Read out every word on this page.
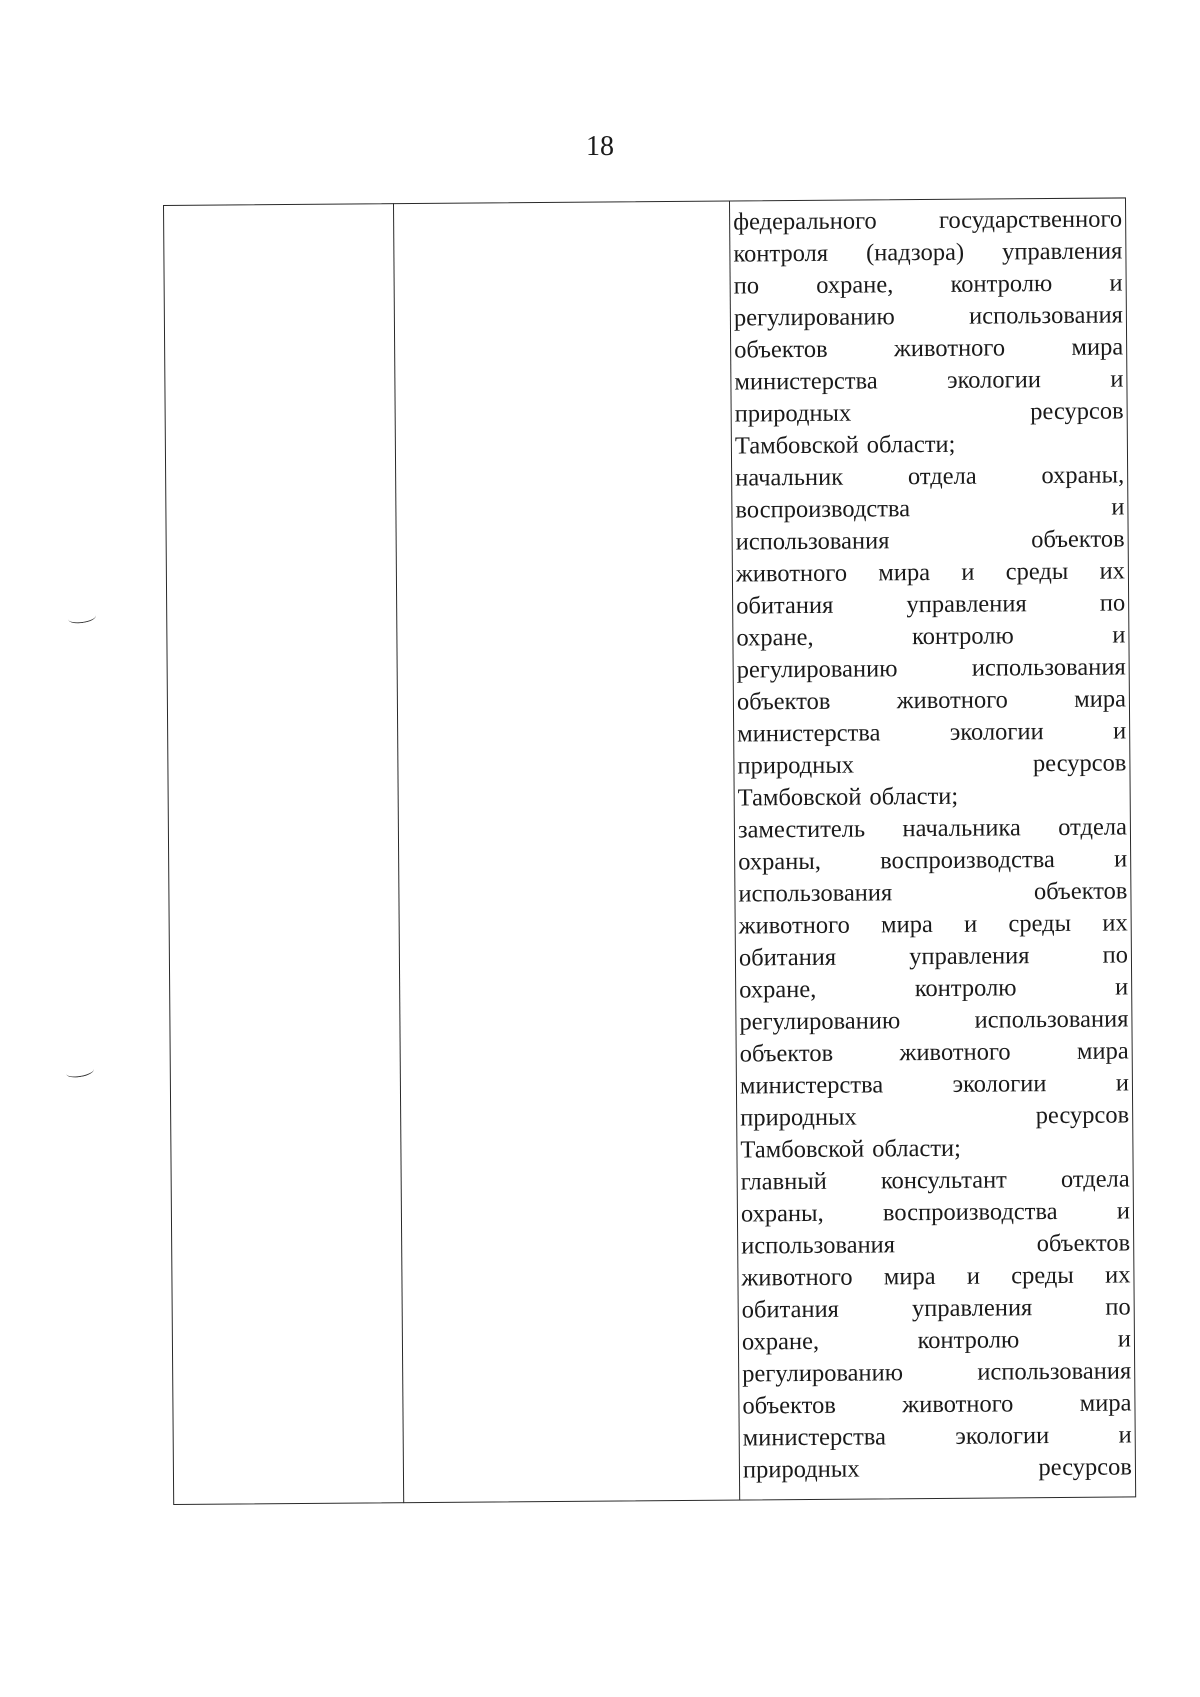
18
федерального	государственного
контроля (надзора) управления
по охране, контролю и
регулированию	использования
объектов	животного	мира
министерства	экологии	и
природных	ресурсов
Тамбовской области;
начальник	отдела	охраны,
воспроизводства	и
использования	объектов
животного мира и среды их
обитания	управления	по
охране,	контролю	и
регулированию	использования
объектов	животного	мира
министерства	экологии	и
природных	ресурсов
Тамбовской области;
заместитель начальника отдела
охраны, воспроизводства и
использования	объектов
животного мира и среды их
обитания	управления	по
охране,	контролю	и
регулированию	использования
объектов	животного	мира
министерства	экологии	и
природных	ресурсов
Тамбовской области;
главный консультант отдела
охраны, воспроизводства и
использования	объектов
животного мира и среды их
обитания	управления	по
охране,	контролю	и
регулированию	использования
объектов	животного	мира
министерства	экологии	и
природных	ресурсов
